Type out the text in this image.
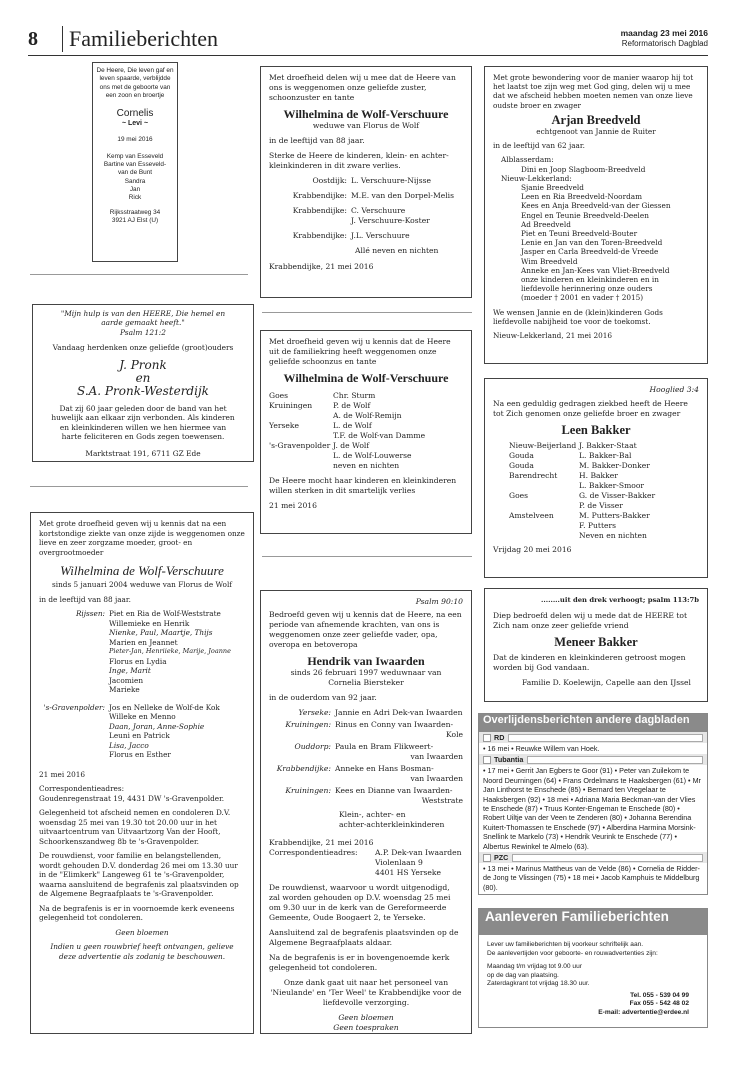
8	Familieberichten	maandag 23 mei 2016
Reformatorisch Dagblad
De Heere, Die leven gaf en leven spaarde, verblijdde ons met de geboorte van een zoon en broertje
Cornelis
~ Levi ~
19 mei 2016
Kemp van Esseveld
Bartine van Esseveld-
van de Bunt
Sandra
Jan
Rick
Rijksstraatweg 34
3921 AJ Elst (U)
"Mijn hulp is van den HEERE, Die hemel en aarde gemaakt heeft."
Psalm 121:2
Vandaag herdenken onze geliefde (groot)ouders
J. Pronk
en
S.A. Pronk-Westerdijk
Dat zij 60 jaar geleden door de band van het huwelijk aan elkaar zijn verbonden. Als kinderen en kleinkinderen willen we hen hiermee van harte feliciteren en Gods zegen toewensen.
Marktstraat 191, 6711 GZ Ede

Met grote droefheid geven wij u kennis dat na een kortstondige ziekte van onze zijde is weggenomen onze lieve en zeer zorgzame moeder, groot- en overgrootmoeder

Wilhelmina de Wolf-Verschuure

sinds 5 januari 2004 weduwe van Florus de Wolf

in de leeftijd van 88 jaar.

Rijssen: Piet en Ria de Wolf-Weststrate
Willemieke en Henrik
Nienke, Paul, Maartje, Thijs
Marien en Jeannet
Pieter-Jan, Henriieke, Marije, Joanne
Florus en Lydia
Inge, Marit
Jacomien
Marieke
's-Gravenpolder: Jos en Nelleke de Wolf-de Kok
Willeke en Menno
Daan, Joran, Anne-Sophie
Leuni en Patrick
Lisa, Jacco
Florus en Esther

21 mei 2016

Correspondentieadres:

Goudenregenstraat 19, 4431 DW 's-Gravenpolder.

Gelegenheid tot afscheid nemen en condoleren D.V. woensdag 25 mei van 19.30 tot 20.00 uur in het uitvaartcentrum van Uitvaartzorg Van der Hooft, Schoorkenszandweg 8b te 's-Gravenpolder.

De rouwdienst, voor familie en belangstellenden, wordt gehouden D.V. donderdag 26 mei om 13.30 uur in de "Elimkerk" Langeweg 61 te 's-Gravenpolder, waarna aansluitend de begrafenis zal plaatsvinden op de Algemene Begraafplaats te 's-Gravenpolder.

Na de begrafenis is er in voornoemde kerk eveneens gelegenheid tot condoleren.

Geen bloemen

Indien u geen rouwbrief heeft ontvangen, gelieve deze advertentie als zodanig te beschouwen.

Met droefheid delen wij u mee dat de Heere van ons is weggenomen onze geliefde zuster, schoonzuster en tante

Wilhelmina de Wolf-Verschuure

weduwe van Florus de Wolf

in de leeftijd van 88 jaar.

Sterke de Heere de kinderen, klein- en achter-kleinkinderen in dit zware verlies.

Oostdijk: L. Verschuure-Nijsse
Krabbendijke: M.E. van den Dorpel-Melis
Krabbendijke: C. Verschuure
J. Verschuure-Koster
Krabbendijke: J.L. Verschuure

Allé neven en nichten

Krabbendijke, 21 mei 2016

Met droefheid geven wij u kennis dat de Heere uit de familiekring heeft weggenomen onze geliefde schoonzus en tante

Wilhelmina de Wolf-Verschuure
Goes	Chr. Sturm
Kruiningen	P. de Wolf
A. de Wolf-Remijn
Yerseke	L. de Wolf
T.F. de Wolf-van Damme
's-Gravenpolder J. de Wolf
L. de Wolf-Louwerse
neven en nichten

De Heere mocht haar kinderen en kleinkinderen willen sterken in dit smartelijk verlies

21 mei 2016

Psalm 90:10

Bedroefd geven wij u kennis dat de Heere, na een periode van afnemende krachten, van ons is weggenomen onze zeer geliefde vader, opa, overopa en betoveropa

Hendrik van Iwaarden
sinds 26 februari 1997 weduwnaar van

Cornelia Biersteker

in de ouderdom van 92 jaar.

Yerseke: Jannie en Adri Dek-van Iwaarden
Kruiningen: Rinus en Conny van Iwaarden-
Kole
Ouddorp: Paula en Bram Flikweert-
van Iwaarden
Krabbendijke: Anneke en Hans Bosman-
van Iwaarden
Kruiningen: Kees en Dianne van Iwaarden-
Weststrate
Klein-, achter- en
achter-achterkleinkinderen
Krabbendijke, 21 mei 2016
Correspondentieadres:	A.P. Dek-van Iwaarden
Violenlaan 9
4401 HS Yerseke

De rouwdienst, waarvoor u wordt uitgenodigd, zal worden gehouden op D.V. woensdag 25 mei om 9.30 uur in de kerk van de Gereformeerde Gemeente, Oude Boogaert 2, te Yerseke.

Aansluitend zal de begrafenis plaatsvinden op de Algemene Begraafplaats aldaar.

Na de begrafenis is er in bovengenoemde kerk gelegenheid tot condoleren.

Onze dank gaat uit naar het personeel van 'Nieulande' en 'Ter Weel' te Krabbendijke voor de liefdevolle verzorging.

Geen bloemen
Geen toespraken

Met grote bewondering voor de manier waarop hij tot het laatst toe zijn weg met God ging, delen wij u mee dat we afscheid hebben moeten nemen van onze lieve oudste broer en zwager

Arjan Breedveld

echtgenoot van Jannie de Ruiter

in de leeftijd van 62 jaar.

Alblasserdam:
Dini en Joop Slagboom-Breedveld
Nieuw-Lekkerland:
Sjanie Breedveld
Leen en Ria Breedveld-Noordam
Kees en Anja Breedveld-van der Giessen
Engel en Teunie Breedveld-Deelen
Ad Breedveld
Piet en Teuni Breedveld-Bouter
Lenie en Jan van den Toren-Breedveld
Jasper en Carla Breedveld-de Vreede
Wim Breedveld
Anneke en Jan-Kees van Vliet-Breedveld
onze kinderen en kleinkinderen en in
liefdevolle herinnering onze ouders
(moeder † 2001 en vader † 2015)

We wensen Jannie en de (klein)kinderen Gods liefdevolle nabijheid toe voor de toekomst.

Nieuw-Lekkerland, 21 mei 2016
Hooglied 3:4

Na een geduldig gedragen ziekbed heeft de Heere tot Zich genomen onze geliefde broer en zwager

Leen Bakker
Nieuw-Beijerland J. Bakker-Staat
Gouda	L. Bakker-Bal
Gouda	M. Bakker-Donker
Barendrecht	H. Bakker
L. Bakker-Smoor
Goes	G. de Visser-Bakker
P. de Visser
Amstelveen	M. Putters-Bakker
F. Putters
Neven en nichten
Vrijdag 20 mei 2016
........uit den drek verhoogt; psalm 113:7b

Diep bedroefd delen wij u mede dat de HEERE tot Zich nam onze zeer geliefde vriend

Meneer Bakker

Dat de kinderen en kleinkinderen getroost mogen worden bij God vandaan.

Familie D. Koelewijn, Capelle aan den IJssel
Overlijdensberichten andere dagbladen
RD
• 16 mei • Reuwke Willem van Hoek.
Tubantia
• 17 mei • Gerrit Jan Egbers te Goor (91) • Peter van Zuilekom te Noord Deurningen (64) • Frans Ordelmans te Haaksbergen (61) • Mr Jan Linthorst te Enschede (85) • Bernard ten Vregelaar te Haaksbergen (92) • 18 mei • Adriana Maria Beckman-van der Vlies te Enschede (87) • Truus Konter-Engeman te Enschede (80) • Robert Uiltje van der Veen te Zenderen (80) • Johanna Berendina Kuitert-Thomassen te Enschede (97) • Alberdina Harmina Morsink-Snellink te Markelo (73) • Hendrik Veurink te Enschede (77) • Albertus Rewinkel te Almelo (63).
PZC
• 13 mei • Marinus Mattheus van de Velde (86) • Cornelia de Ridder-de Jong te Vlissingen (75) • 18 mei • Jacob Kamphuis te Middelburg (80).
Aanleveren Familieberichten
Lever uw familieberichten bij voorkeur schriftelijk aan.
De aanlevertijden voor geboorte- en rouwadvertenties zijn:
Maandag t/m vrijdag tot 9.00 uur
op de dag van plaatsing.
Zaterdagkrant tot vrijdag 18.30 uur.
Tel. 055 - 539 04 99
Fax 055 - 542 48 02
E-mail: advertentie@erdee.nl
